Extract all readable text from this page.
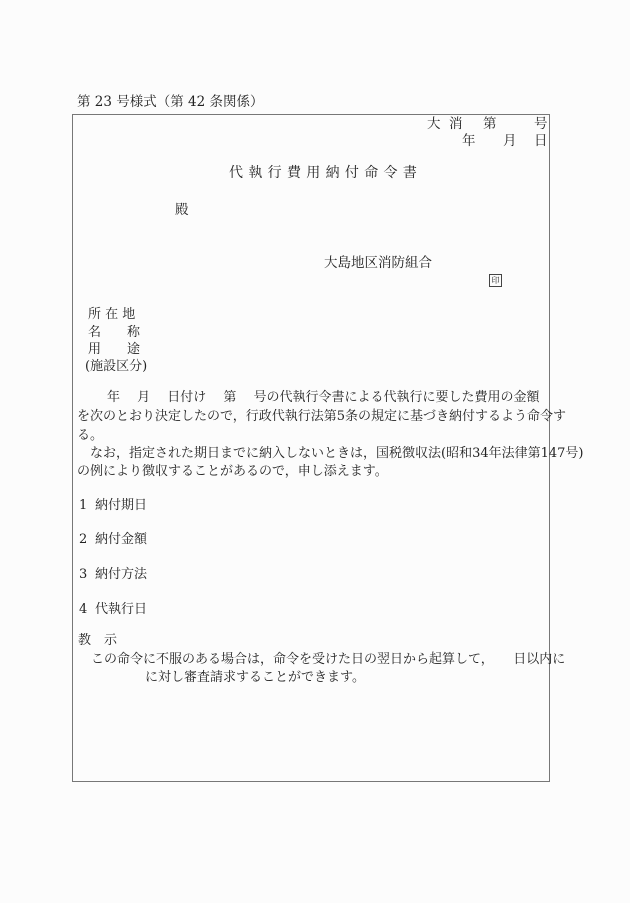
第 23 号様式（第 42 条関係）
大 消 第	号
年 月 日
代執行費用納付命令書
殿
大島地区消防組合
印
所 在 地
名　　称
用　　途
(施設区分)
　　年　 月　 日付け　 第　 号の代執行令書による代執行に要した費用の金額
を次のとおり決定したので，行政代執行法第5条の規定に基づき納付するよう命令す
る。
　なお，指定された期日までに納入しないときは，国税徴収法(昭和34年法律第147号)
の例により徴収することがあるので，申し添えます。
1 納付期日
2 納付金額
3 納付方法
4 代執行日
教　示
　この命令に不服のある場合は，命令を受けた日の翌日から起算して，　　日以内に
に対し審査請求することができます。
